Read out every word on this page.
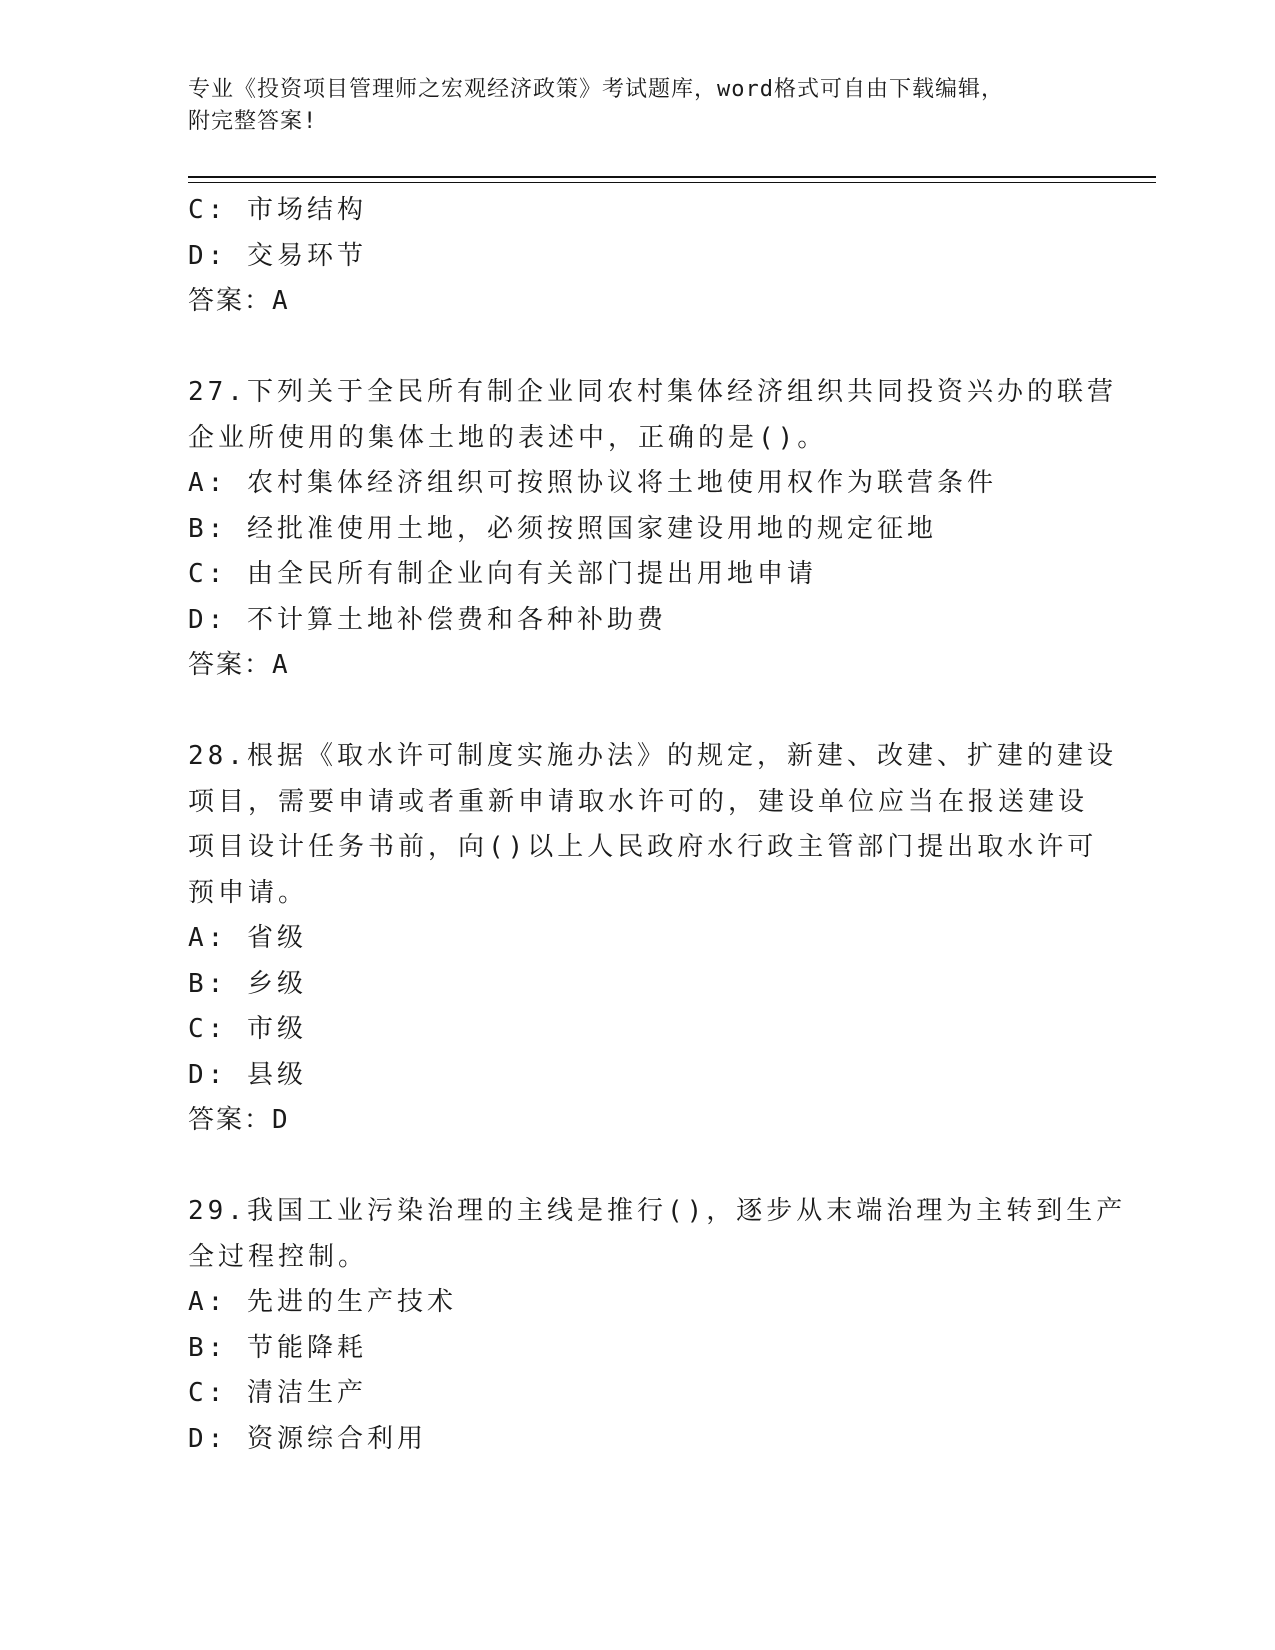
专业《投资项目管理师之宏观经济政策》考试题库，word格式可自由下载编辑，
附完整答案!
C: 市场结构
D: 交易环节
答案：A
27.下列关于全民所有制企业同农村集体经济组织共同投资兴办的联营
企业所使用的集体土地的表述中，正确的是()。
A: 农村集体经济组织可按照协议将土地使用权作为联营条件
B: 经批准使用土地，必须按照国家建设用地的规定征地
C: 由全民所有制企业向有关部门提出用地申请
D: 不计算土地补偿费和各种补助费
答案：A
28.根据《取水许可制度实施办法》的规定，新建、改建、扩建的建设
项目，需要申请或者重新申请取水许可的，建设单位应当在报送建设
项目设计任务书前，向()以上人民政府水行政主管部门提出取水许可
预申请。
A: 省级
B: 乡级
C: 市级
D: 县级
答案：D
29.我国工业污染治理的主线是推行()，逐步从末端治理为主转到生产
全过程控制。
A: 先进的生产技术
B: 节能降耗
C: 清洁生产
D: 资源综合利用
